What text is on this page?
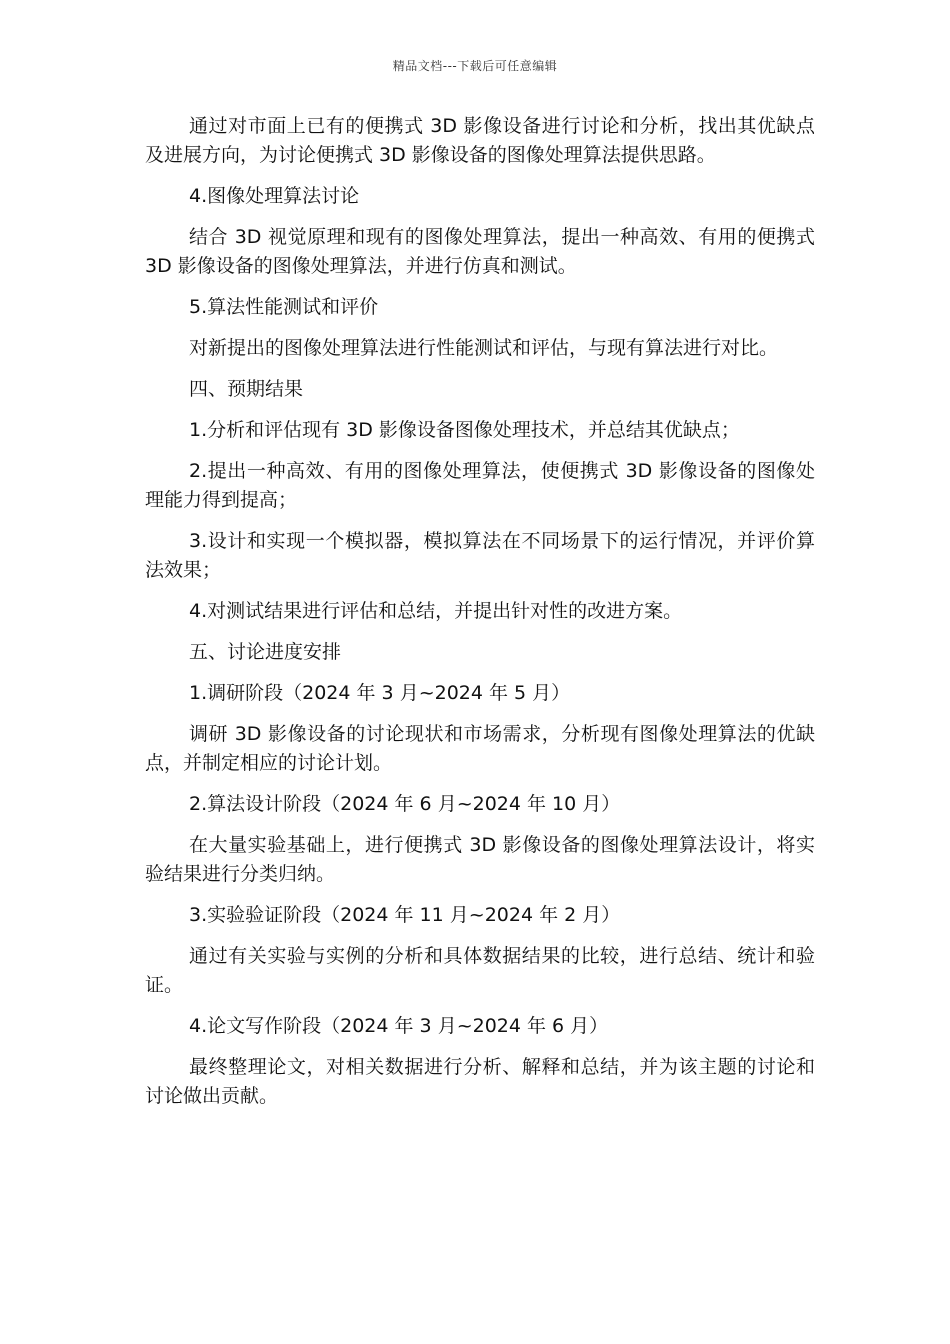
精品文档---下载后可任意编辑

通过对市面上已有的便携式 3D 影像设备进行讨论和分析，找出其优缺点及进展方向，为讨论便携式 3D 影像设备的图像处理算法提供思路。

4.图像处理算法讨论

结合 3D 视觉原理和现有的图像处理算法，提出一种高效、有用的便携式 3D 影像设备的图像处理算法，并进行仿真和测试。

5.算法性能测试和评价

对新提出的图像处理算法进行性能测试和评估，与现有算法进行对比。

四、预期结果

1.分析和评估现有 3D 影像设备图像处理技术，并总结其优缺点；

2.提出一种高效、有用的图像处理算法，使便携式 3D 影像设备的图像处理能力得到提高；

3.设计和实现一个模拟器，模拟算法在不同场景下的运行情况，并评价算法效果；

4.对测试结果进行评估和总结，并提出针对性的改进方案。

五、讨论进度安排

1.调研阶段（2024 年 3 月~2024 年 5 月）

调研 3D 影像设备的讨论现状和市场需求，分析现有图像处理算法的优缺点，并制定相应的讨论计划。

2.算法设计阶段（2024 年 6 月~2024 年 10 月）

在大量实验基础上，进行便携式 3D 影像设备的图像处理算法设计，将实验结果进行分类归纳。

3.实验验证阶段（2024 年 11 月~2024 年 2 月）

通过有关实验与实例的分析和具体数据结果的比较，进行总结、统计和验证。

4.论文写作阶段（2024 年 3 月~2024 年 6 月）

最终整理论文，对相关数据进行分析、解释和总结，并为该主题的讨论和讨论做出贡献。
